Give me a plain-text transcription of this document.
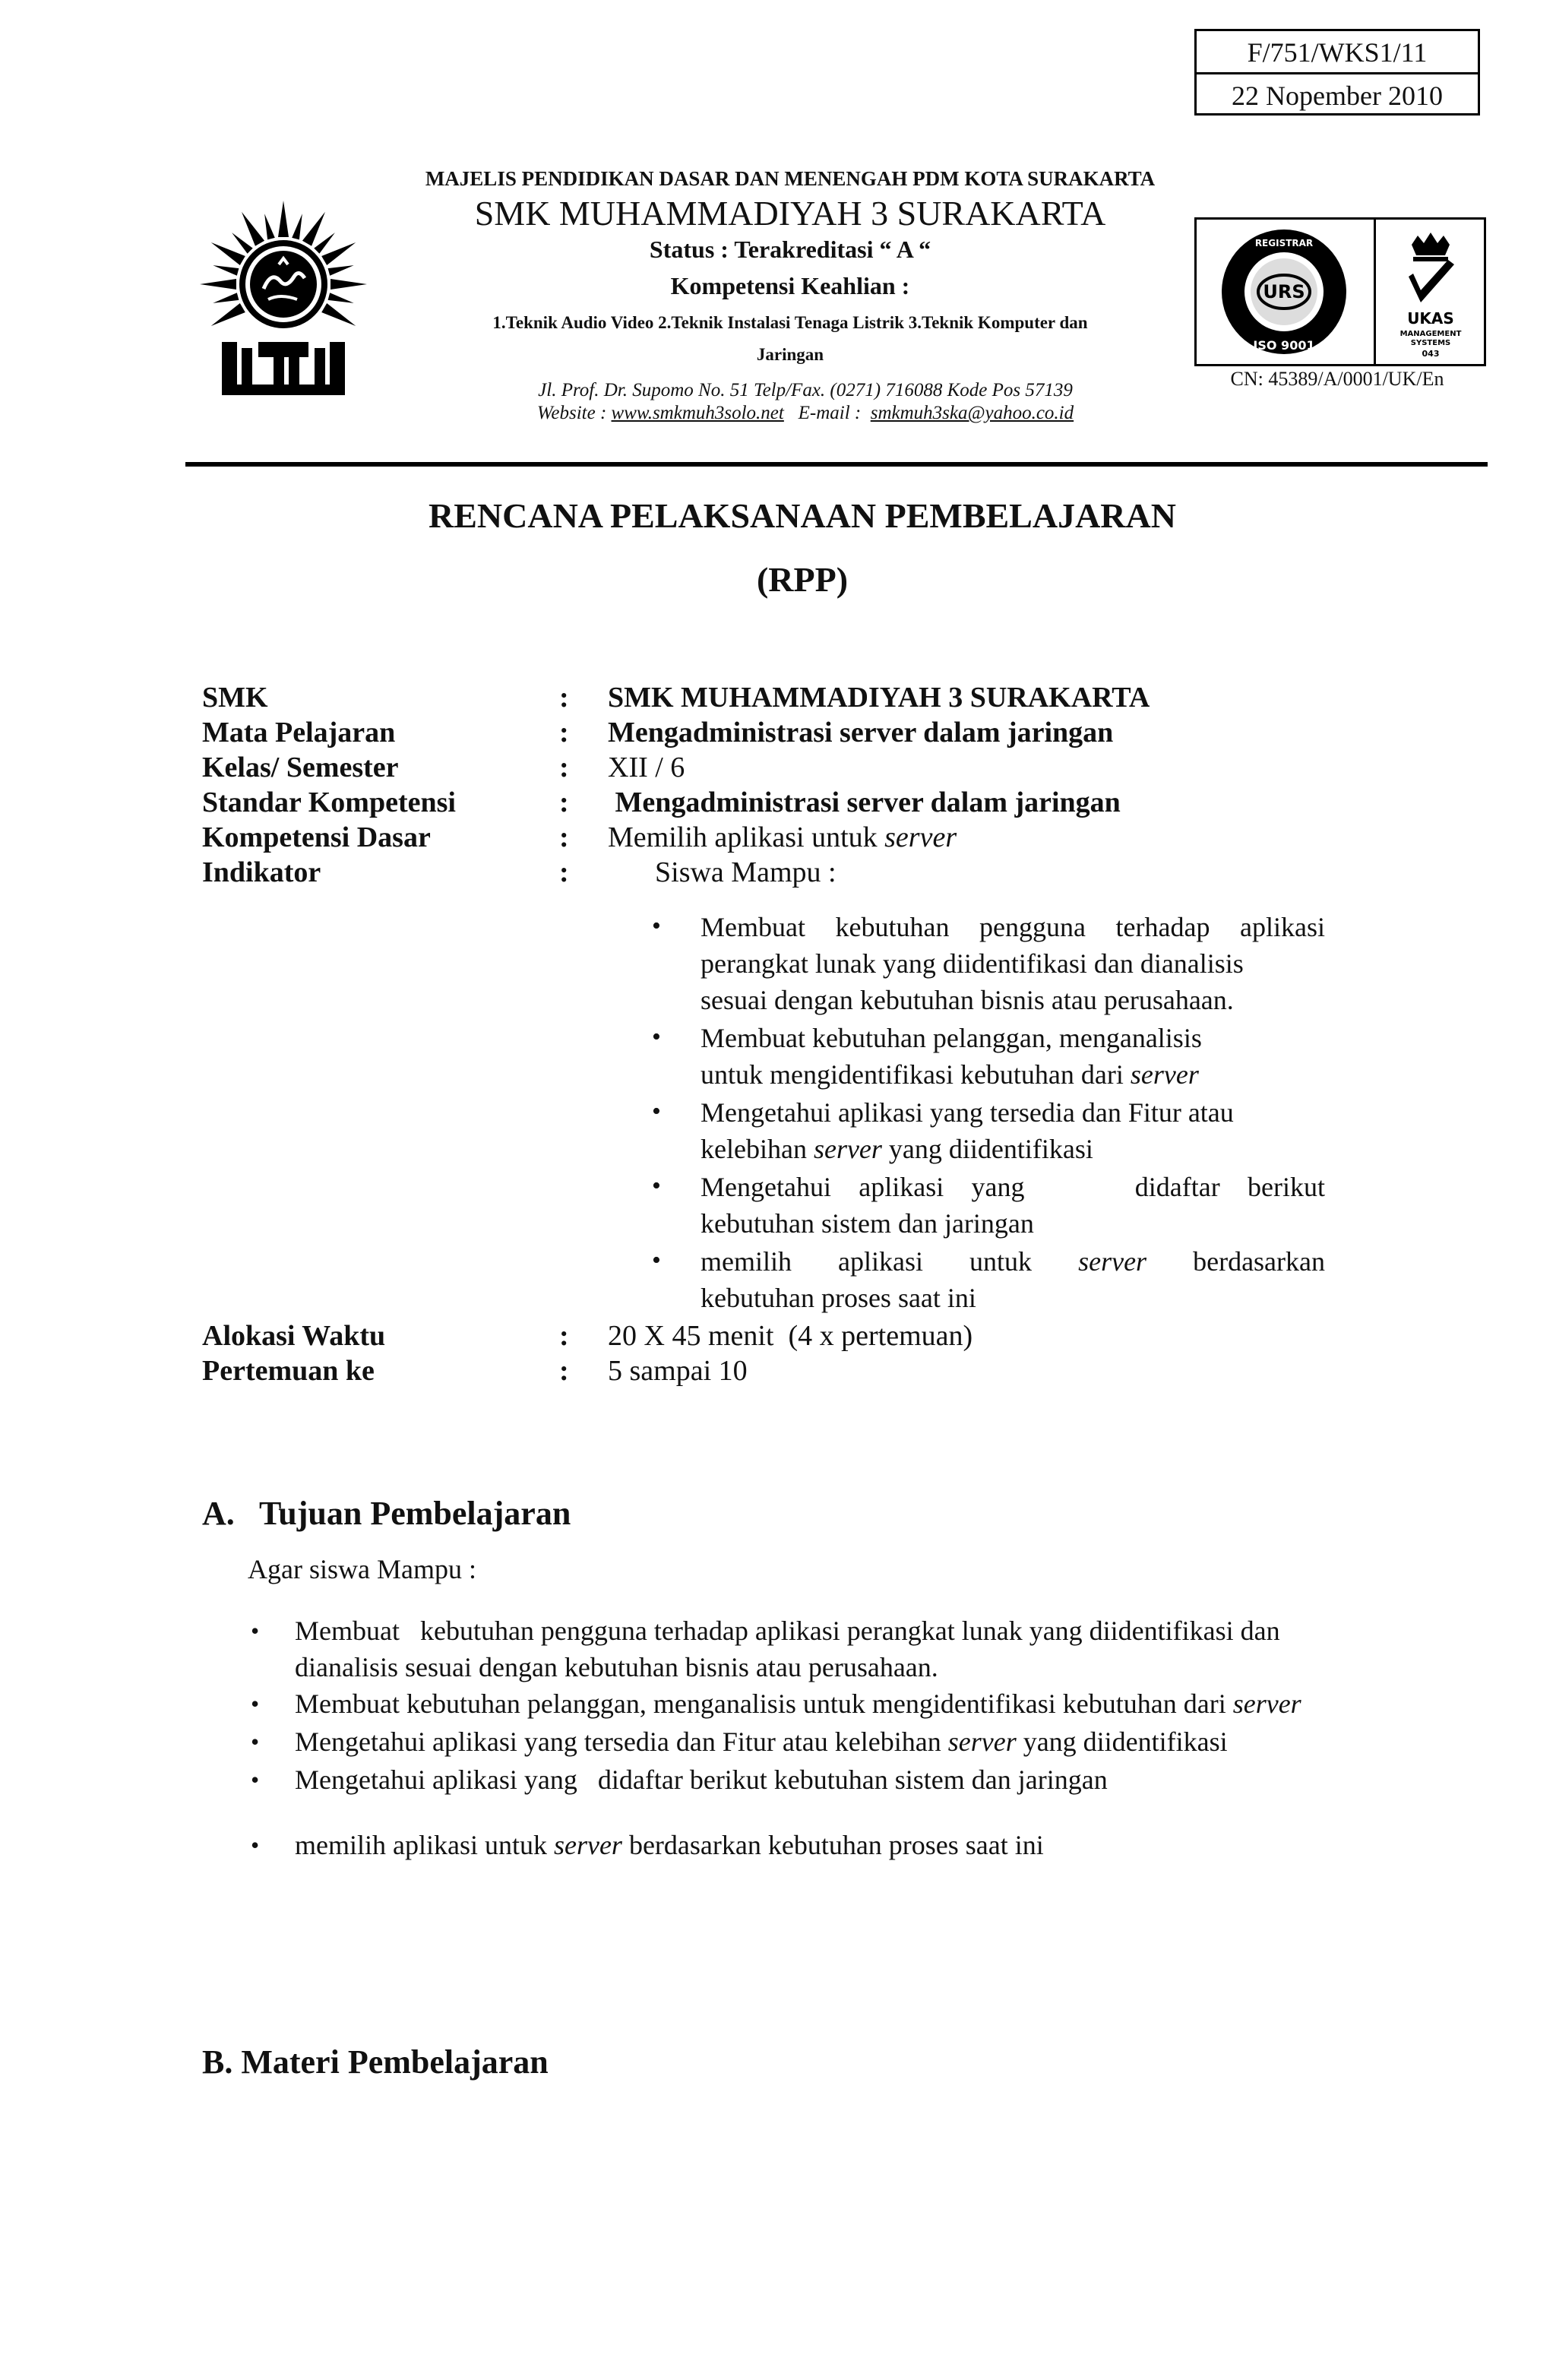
F/751/WKS1/11
22 Nopember 2010
MAJELIS PENDIDIKAN DASAR DAN MENENGAH PDM KOTA SURAKARTA
SMK MUHAMMADIYAH 3 SURAKARTA
Status : Terakreditasi “ A “
Kompetensi Keahlian :
1.Teknik Audio Video 2.Teknik Instalasi Tenaga Listrik 3.Teknik Komputer dan
Jaringan
Jl. Prof. Dr. Supomo No. 51 Telp/Fax. (0271) 716088 Kode Pos 57139
Website : www.smkmuh3solo.net   E-mail :  smkmuh3ska@yahoo.co.id
URS
ISO 9001
REGISTRAR
UKAS
MANAGEMENT
SYSTEMS
043
CN: 45389/A/0001/UK/En
RENCANA PELAKSANAAN PEMBELAJARAN
(RPP)
SMK	: SMK MUHAMMADIYAH 3 SURAKARTA
Mata Pelajaran	: Mengadministrasi server dalam jaringan
Kelas/ Semester	: XII / 6
Standar Kompetensi	: Mengadministrasi server dalam jaringan
Kompetensi Dasar	: Memilih aplikasi untuk server
Indikator	:	Siswa Mampu :
• Membuat kebutuhan pengguna terhadap aplikasi
perangkat lunak yang diidentifikasi dan dianalisis
sesuai dengan kebutuhan bisnis atau perusahaan.
• Membuat kebutuhan pelanggan, menganalisis
untuk mengidentifikasi kebutuhan dari server
• Mengetahui aplikasi yang tersedia dan Fitur atau
kelebihan server yang diidentifikasi
• Mengetahui aplikasi yang    didaftar berikut
kebutuhan sistem dan jaringan
• memilih aplikasi untuk server berdasarkan
kebutuhan proses saat ini
Alokasi Waktu	: 20 X 45 menit  (4 x pertemuan)
Pertemuan ke	: 5 sampai 10
A.   Tujuan Pembelajaran
Agar siswa Mampu :
• Membuat   kebutuhan pengguna terhadap aplikasi perangkat lunak yang diidentifikasi dan
dianalisis sesuai dengan kebutuhan bisnis atau perusahaan.
• Membuat kebutuhan pelanggan, menganalisis untuk mengidentifikasi kebutuhan dari server
• Mengetahui aplikasi yang tersedia dan Fitur atau kelebihan server yang diidentifikasi
• Mengetahui aplikasi yang   didaftar berikut kebutuhan sistem dan jaringan
• memilih aplikasi untuk server berdasarkan kebutuhan proses saat ini
B. Materi Pembelajaran
